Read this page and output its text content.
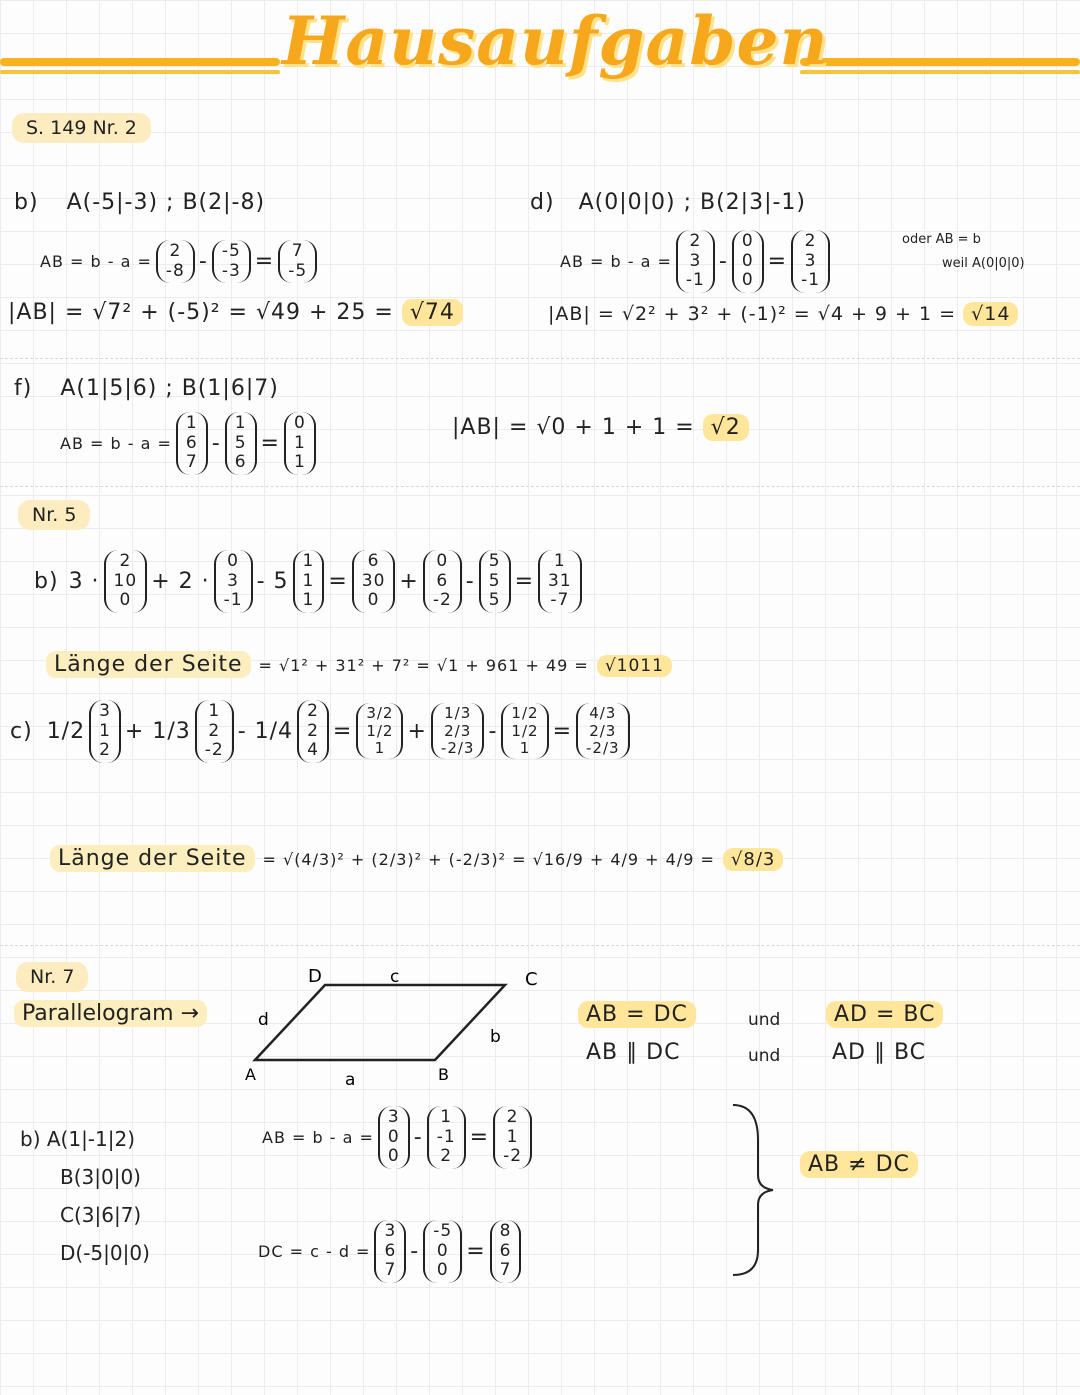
Hausaufgaben
S. 149 Nr. 2
b) A(-5|-3) ; B(2|-8)
AB = b - a =
2
-8 - -5
-3 = 7
-5
|AB| = √7² + (-5)² = √49 + 25 = √74
d) A(0|0|0) ; B(2|3|-1)
AB = b - a =
2
3
-1
-
0
0
0
=
2
3
-1
oder AB = b
weil A(0|0|0)
|AB| = √2² + 3² + (-1)² = √4 + 9 + 1 = √14
f) A(1|5|6) ; B(1|6|7)
AB = b - a =
1
6
7
-
1
5
6
=
0
1
1
|AB| = √0 + 1 + 1 = √2
Nr. 5
b) 3 ·
2
10
0
+ 2 ·
0
3
-1
- 5
1
1
1
=
6
30
0
+
0
6
-2
-
5
5
5
=
1
31
-7
Länge der Seite = √1² + 31² + 7² = √1 + 961 + 49 = √1011
c) 1/2
3
1
2
+ 1/3
1
2
-2
- 1/4
2
2
4
=
3/2
1/2
1
+
1/3
2/3
-2/3
-
1/2
1/2
1
=
4/3
2/3
-2/3
Länge der Seite = √(4/3)² + (2/3)² + (-2/3)² = √16/9 + 4/9 + 4/9 = √8/3
Nr. 7
Parallelogram →
A	B
C
D
a
b
c
d	AB = DC
AB ∥ DC
und
und
AD = BC
AD ∥ BC
b) A(1|-1|2)
B(3|0|0)
C(3|6|7)
D(-5|0|0)
AB = b - a =
3
0
0
-
1
-1
2
=
2
1
-2
DC = c - d =
3
6
7
-
-5
0
0
=
8
6
7
AB ≠ DC
